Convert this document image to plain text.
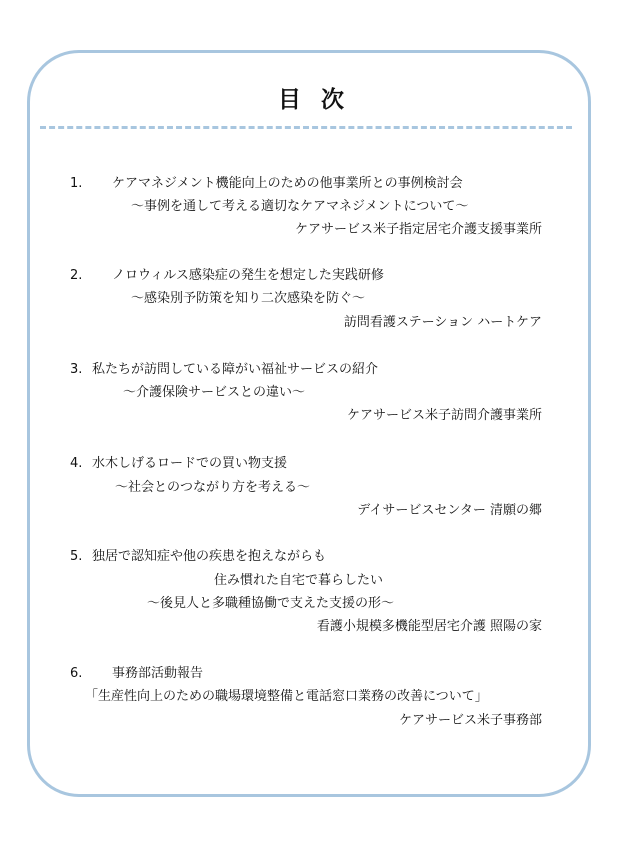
目次
1. ケアマネジメント機能向上のための他事業所との事例検討会
～事例を通して考える適切なケアマネジメントについて～
ケアサービス米子指定居宅介護支援事業所
2. ノロウィルス感染症の発生を想定した実践研修
～感染別予防策を知り二次感染を防ぐ～
訪問看護ステーション ハートケア
3. 私たちが訪問している障がい福祉サービスの紹介
～介護保険サービスとの違い～
ケアサービス米子訪問介護事業所
4. 水木しげるロードでの買い物支援
～社会とのつながり方を考える～
デイサービスセンター 清願の郷
5. 独居で認知症や他の疾患を抱えながらも
住み慣れた自宅で暮らしたい
～後見人と多職種協働で支えた支援の形～
看護小規模多機能型居宅介護 照陽の家
6. 事務部活動報告
「生産性向上のための職場環境整備と電話窓口業務の改善について」
ケアサービス米子事務部
